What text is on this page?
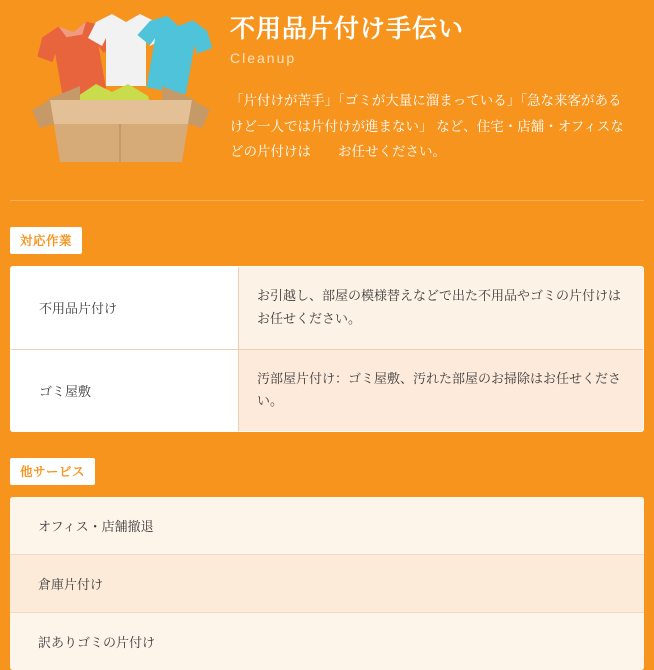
不用品片付け手伝い
Cleanup

「片付けが苦手」「ゴミが大量に溜まっている」「急な来客があるけど一人では片付けが進まない」 など、住宅・店舗・オフィスなどの片付けは　　お任せください。

対応作業
不用品片付け
お引越し、部屋の模様替えなどで出た不用品やゴミの片付けはお任せください。
ゴミ屋敷
汚部屋片付け：ゴミ屋敷、汚れた部屋のお掃除はお任せください。
他サービス
オフィス・店舗撤退
倉庫片付け
訳ありゴミの片付け
